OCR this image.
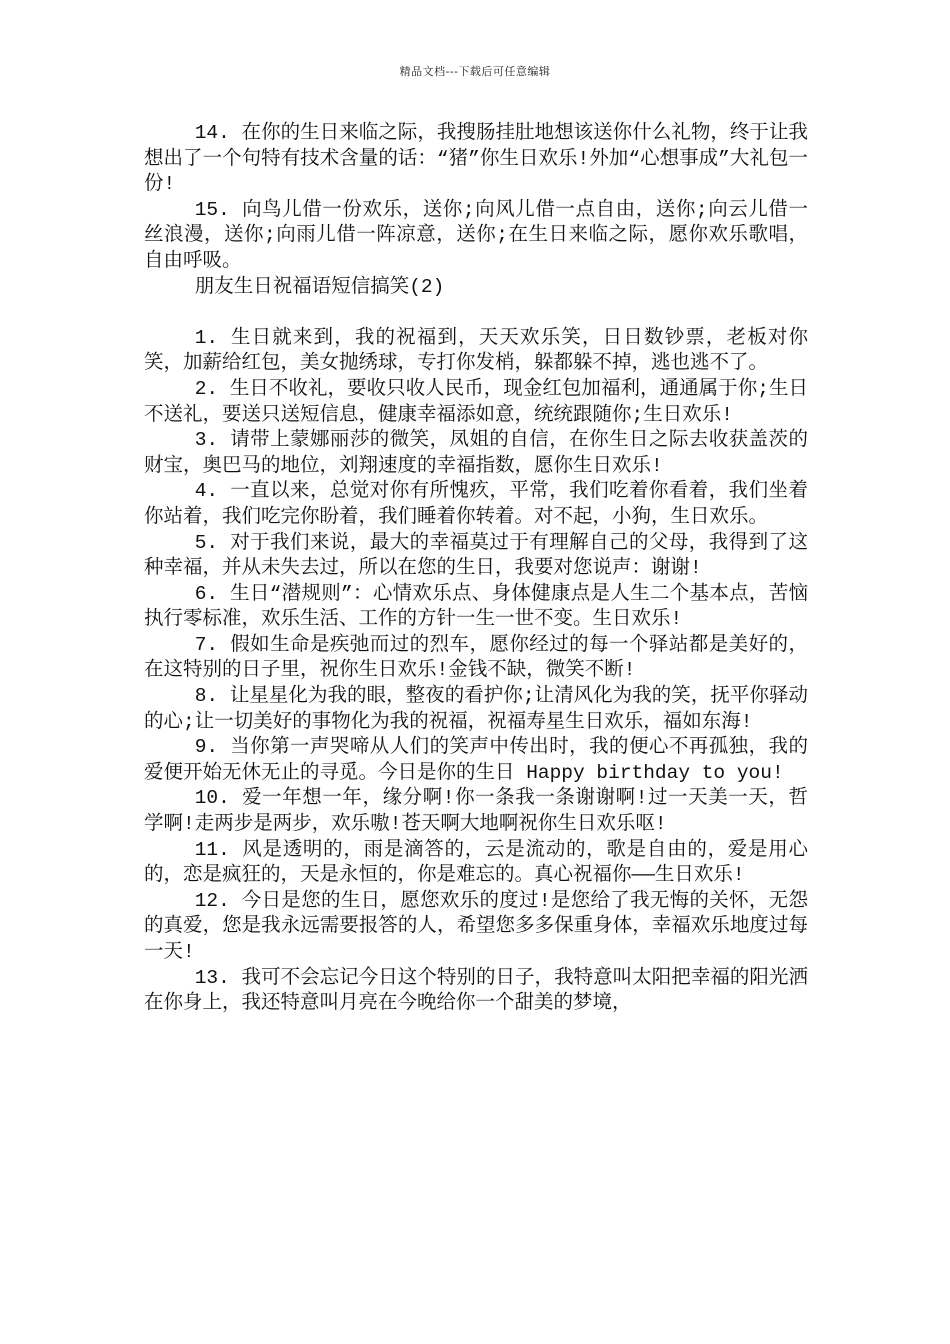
精品文档---下载后可任意编辑

14. 在你的生日来临之际，我搜肠挂肚地想该送你什么礼物，终于让我想出了一个句特有技术含量的话：“猪”你生日欢乐!外加“心想事成”大礼包一份!

15. 向鸟儿借一份欢乐，送你;向风儿借一点自由，送你;向云儿借一丝浪漫，送你;向雨儿借一阵凉意，送你;在生日来临之际，愿你欢乐歌唱，自由呼吸。

朋友生日祝福语短信搞笑(2)

1. 生日就来到，我的祝福到，天天欢乐笑，日日数钞票，老板对你笑，加薪给红包，美女抛绣球，专打你发梢，躲都躲不掉，逃也逃不了。

2. 生日不收礼，要收只收人民币，现金红包加福利，通通属于你;生日不送礼，要送只送短信息，健康幸福添如意，统统跟随你;生日欢乐!

3. 请带上蒙娜丽莎的微笑，凤姐的自信，在你生日之际去收获盖茨的财宝，奥巴马的地位，刘翔速度的幸福指数，愿你生日欢乐!

4. 一直以来，总觉对你有所愧疚，平常，我们吃着你看着，我们坐着你站着，我们吃完你盼着，我们睡着你转着。对不起，小狗，生日欢乐。

5. 对于我们来说，最大的幸福莫过于有理解自己的父母，我得到了这种幸福，并从未失去过，所以在您的生日，我要对您说声：谢谢!

6. 生日“潜规则”：心情欢乐点、身体健康点是人生二个基本点，苦恼执行零标准，欢乐生活、工作的方针一生一世不变。生日欢乐!

7. 假如生命是疾弛而过的烈车，愿你经过的每一个驿站都是美好的，在这特别的日子里，祝你生日欢乐!金钱不缺，微笑不断!

8. 让星星化为我的眼，整夜的看护你;让清风化为我的笑，抚平你驿动的心;让一切美好的事物化为我的祝福，祝福寿星生日欢乐，福如东海!

9. 当你第一声哭啼从人们的笑声中传出时，我的便心不再孤独，我的爱便开始无休无止的寻觅。今日是你的生日 Happy birthday to you!

10. 爱一年想一年，缘分啊!你一条我一条谢谢啊!过一天美一天，哲学啊!走两步是两步，欢乐嗷!苍天啊大地啊祝你生日欢乐呕!

11. 风是透明的，雨是滴答的，云是流动的，歌是自由的，爱是用心的，恋是疯狂的，天是永恒的，你是难忘的。真心祝福你——生日欢乐!

12. 今日是您的生日，愿您欢乐的度过!是您给了我无悔的关怀，无怨的真爱，您是我永远需要报答的人，希望您多多保重身体，幸福欢乐地度过每一天!

13. 我可不会忘记今日这个特别的日子，我特意叫太阳把幸福的阳光洒在你身上，我还特意叫月亮在今晚给你一个甜美的梦境，
